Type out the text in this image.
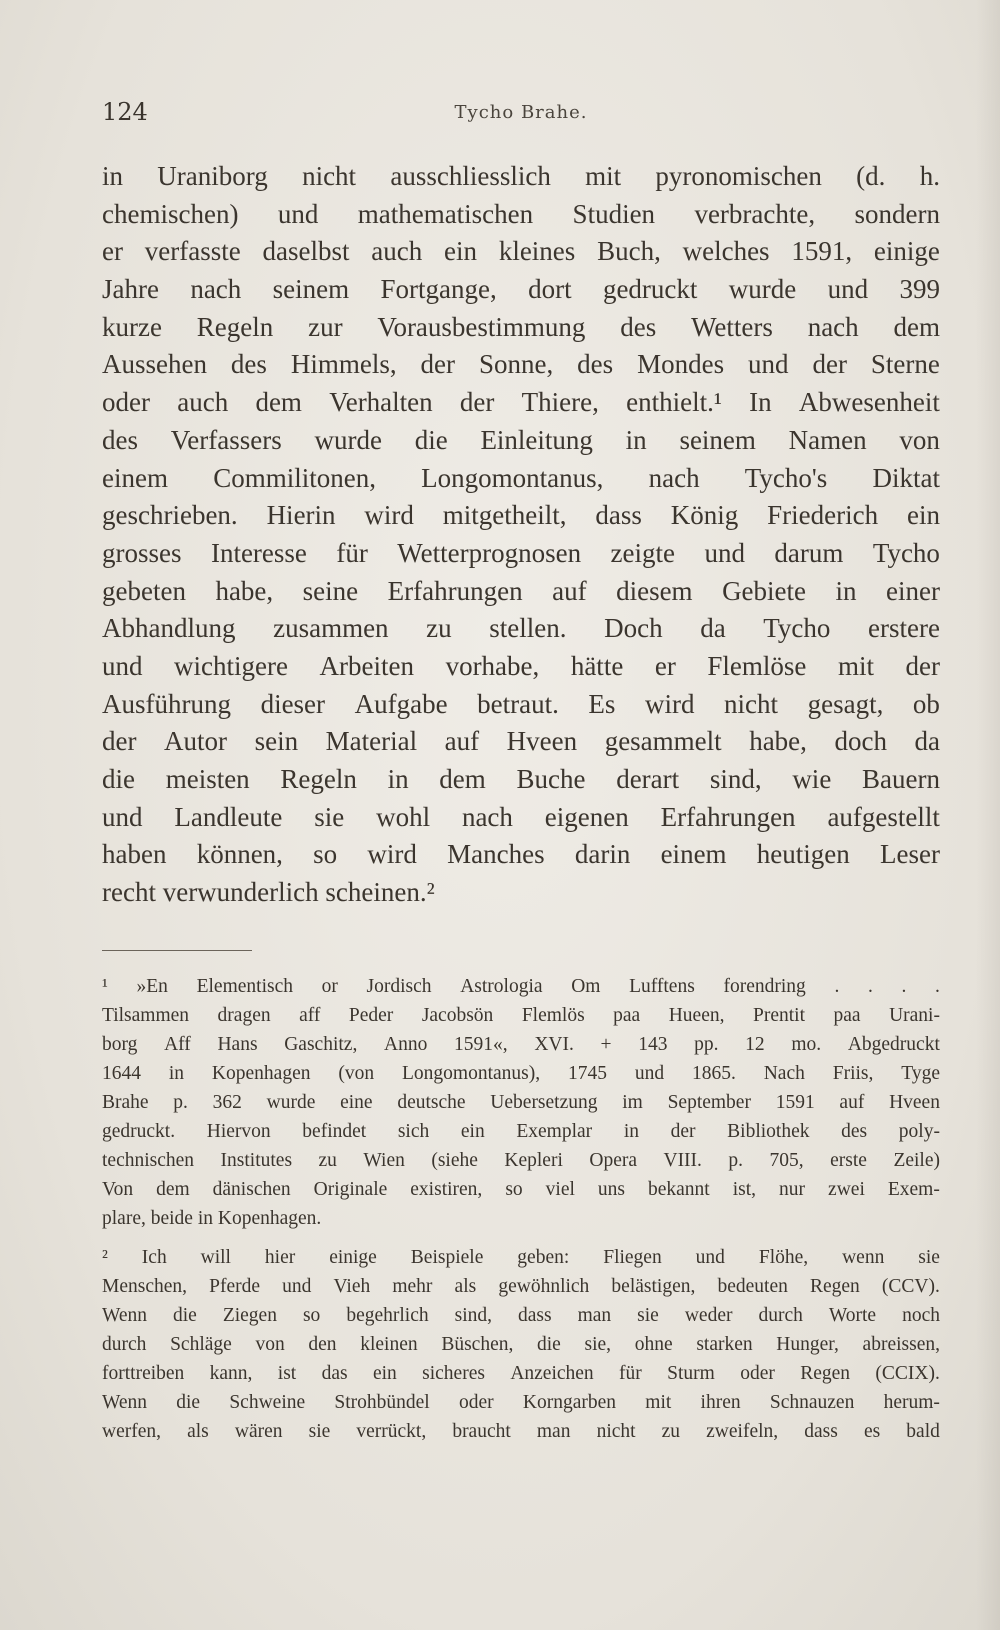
124	Tycho Brahe.
in Uraniborg nicht ausschliesslich mit pyronomischen (d. h.
chemischen) und mathematischen Studien verbrachte, sondern
er verfasste daselbst auch ein kleines Buch, welches 1591, einige
Jahre nach seinem Fortgange, dort gedruckt wurde und 399
kurze Regeln zur Vorausbestimmung des Wetters nach dem
Aussehen des Himmels, der Sonne, des Mondes und der Sterne
oder auch dem Verhalten der Thiere, enthielt.¹ In Abwesenheit
des Verfassers wurde die Einleitung in seinem Namen von
einem Commilitonen, Longomontanus, nach Tycho's Diktat
geschrieben. Hierin wird mitgetheilt, dass König Friederich ein
grosses Interesse für Wetterprognosen zeigte und darum Tycho
gebeten habe, seine Erfahrungen auf diesem Gebiete in einer
Abhandlung zusammen zu stellen. Doch da Tycho erstere
und wichtigere Arbeiten vorhabe, hätte er Flemlöse mit der
Ausführung dieser Aufgabe betraut. Es wird nicht gesagt, ob
der Autor sein Material auf Hveen gesammelt habe, doch da
die meisten Regeln in dem Buche derart sind, wie Bauern
und Landleute sie wohl nach eigenen Erfahrungen aufgestellt
haben können, so wird Manches darin einem heutigen Leser
recht verwunderlich scheinen.²
¹ »En Elementisch or Jordisch Astrologia Om Lufftens forendring . . . .
Tilsammen dragen aff Peder Jacobsön Flemlös paa Hueen, Prentit paa Urani-
borg Aff Hans Gaschitz, Anno 1591«, XVI. + 143 pp. 12 mo. Abgedruckt
1644 in Kopenhagen (von Longomontanus), 1745 und 1865. Nach Friis, Tyge
Brahe p. 362 wurde eine deutsche Uebersetzung im September 1591 auf Hveen
gedruckt. Hiervon befindet sich ein Exemplar in der Bibliothek des poly-
technischen Institutes zu Wien (siehe Kepleri Opera VIII. p. 705, erste Zeile)
Von dem dänischen Originale existiren, so viel uns bekannt ist, nur zwei Exem-
plare, beide in Kopenhagen.
² Ich will hier einige Beispiele geben: Fliegen und Flöhe, wenn sie
Menschen, Pferde und Vieh mehr als gewöhnlich belästigen, bedeuten Regen (CCV).
Wenn die Ziegen so begehrlich sind, dass man sie weder durch Worte noch
durch Schläge von den kleinen Büschen, die sie, ohne starken Hunger, abreissen,
forttreiben kann, ist das ein sicheres Anzeichen für Sturm oder Regen (CCIX).
Wenn die Schweine Strohbündel oder Korngarben mit ihren Schnauzen herum-
werfen, als wären sie verrückt, braucht man nicht zu zweifeln, dass es bald
